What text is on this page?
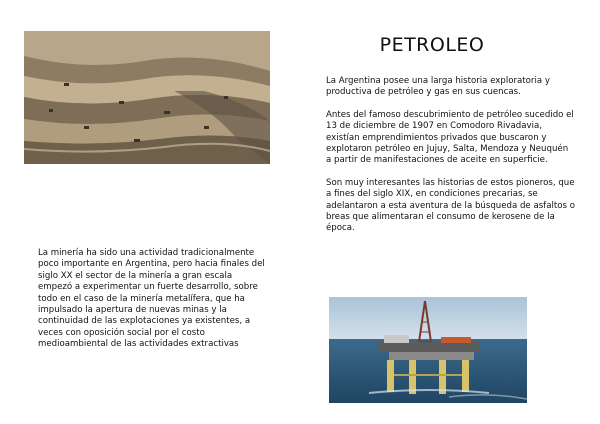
PETROLEO

La Argentina posee una larga historia exploratoria y productiva de petróleo y gas en sus cuencas.

Antes del famoso descubrimiento de petróleo sucedido el 13 de diciembre de 1907 en Comodoro Rivadavia, existían emprendimientos privados que buscaron y explotaron petróleo en Jujuy, Salta, Mendoza y Neuquén a partir de manifestaciones de aceite en superficie.

Son muy interesantes las historias de estos pioneros, que a fines del siglo XIX, en condiciones precarias, se adelantaron a esta aventura de la búsqueda de asfaltos o breas que alimentaran el consumo de kerosene de la época.

La minería ha sido una actividad tradicionalmente poco importante en Argentina, pero hacia finales del siglo XX el sector de la minería a gran escala empezó a experimentar un fuerte desarrollo, sobre todo en el caso de la minería metalífera, que ha impulsado la apertura de nuevas minas y la continuidad de las explotaciones ya existentes, a veces con oposición social por el costo medioambiental de las actividades extractivas
